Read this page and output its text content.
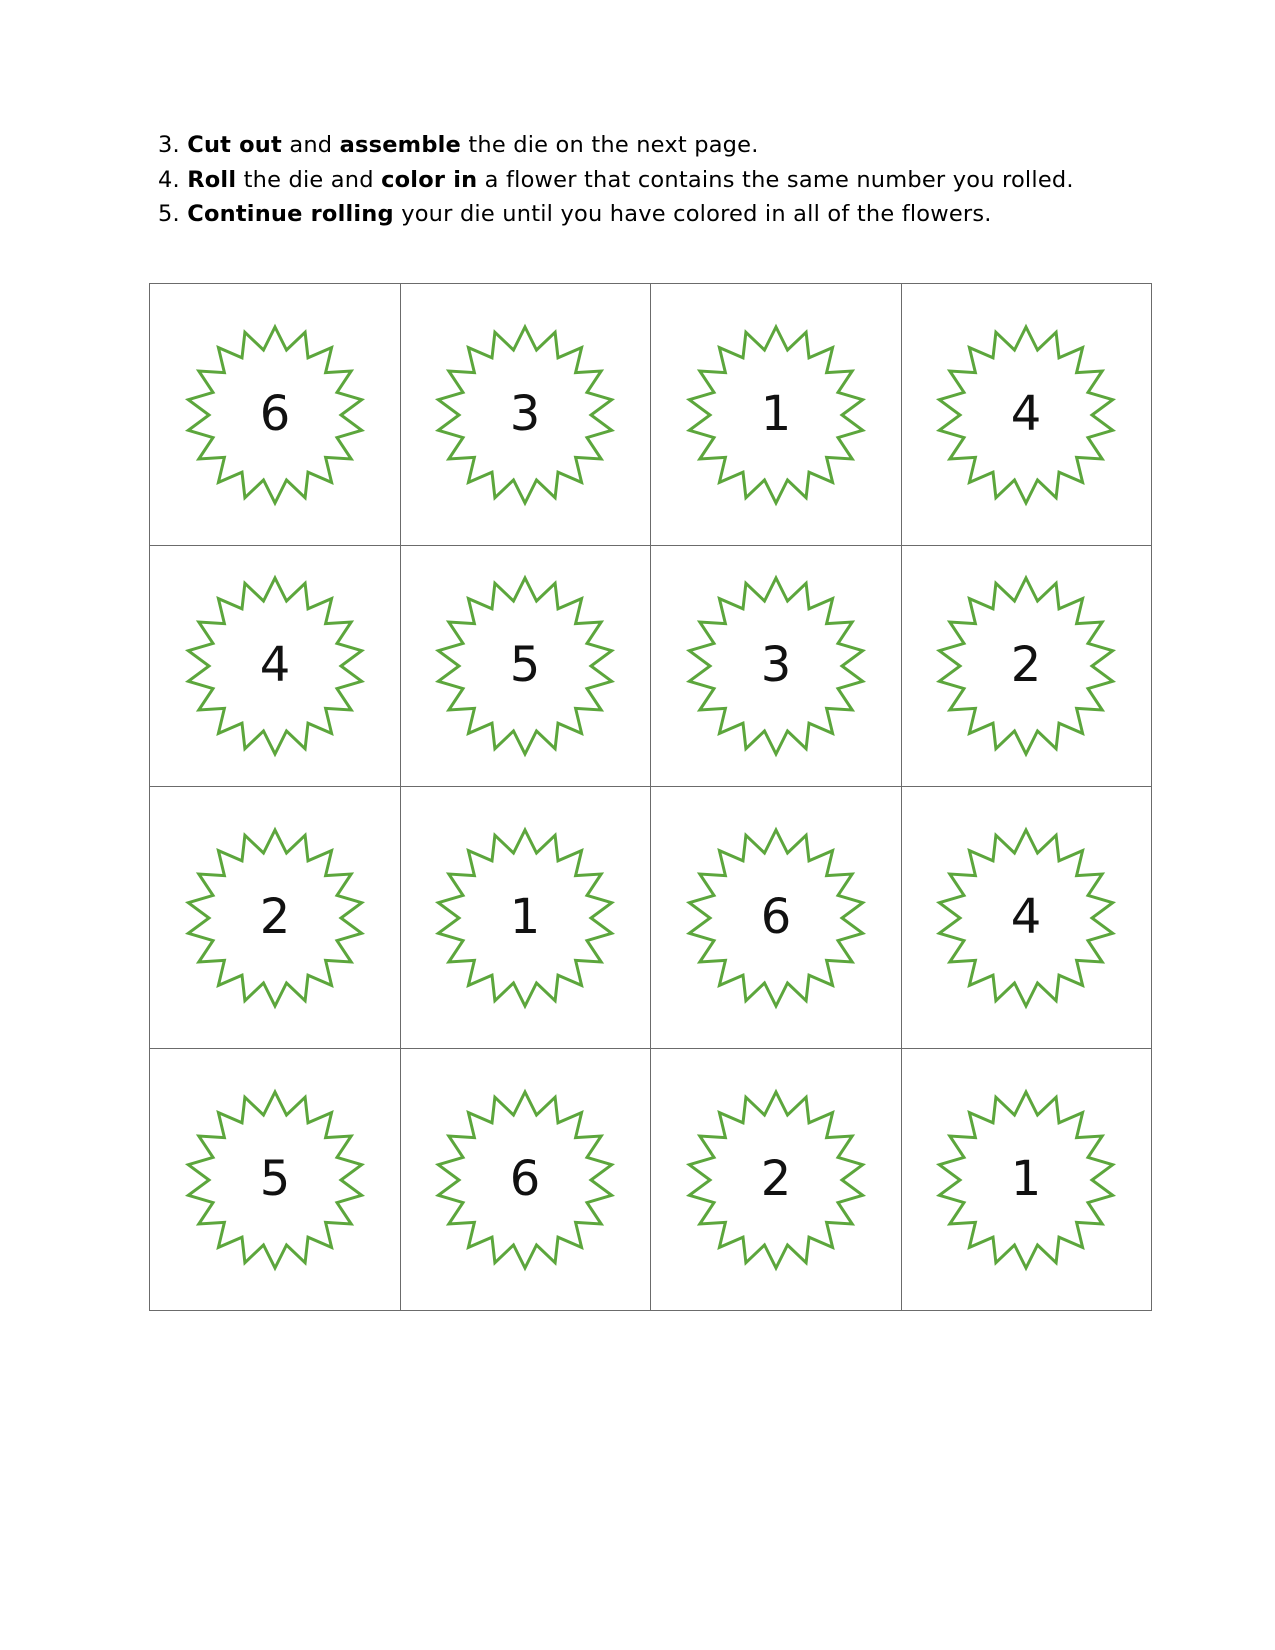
3. Cut out and assemble the die on the next page.
4. Roll the die and color in a flower that contains the same number you rolled.
5. Continue rolling your die until you have colored in all of the flowers.
6	3	1	4

4	5	3	2

2	1	6	4

5	6	2	1
